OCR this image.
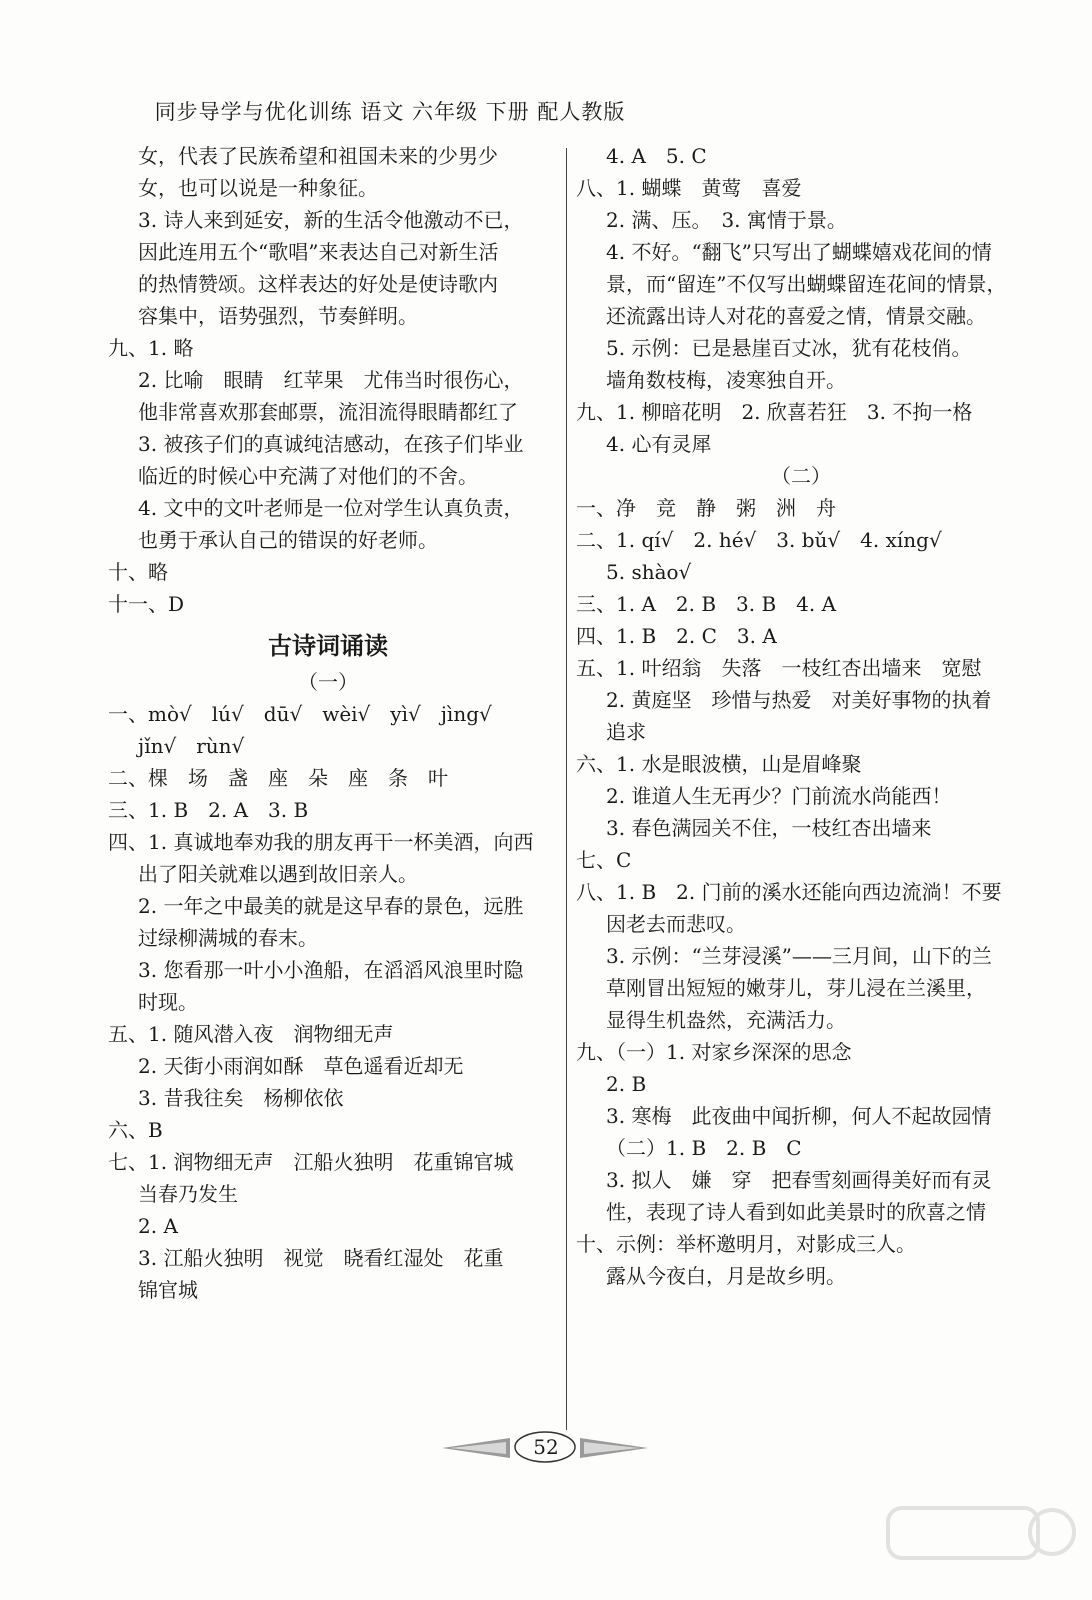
同步导学与优化训练 语文 六年级 下册 配人教版
女，代表了民族希望和祖国未来的少男少
女，也可以说是一种象征。
3. 诗人来到延安，新的生活令他激动不已，
因此连用五个“歌唱”来表达自己对新生活
的热情赞颂。这样表达的好处是使诗歌内
容集中，语势强烈，节奏鲜明。
九、1. 略
2. 比喻　眼睛　红苹果　尤伟当时很伤心，
他非常喜欢那套邮票，流泪流得眼睛都红了
3. 被孩子们的真诚纯洁感动，在孩子们毕业
临近的时候心中充满了对他们的不舍。
4. 文中的文叶老师是一位对学生认真负责，
也勇于承认自己的错误的好老师。
十、略
十一、D
古诗词诵读
（一）
一、mò√　lú√　dū√　wèi√　yì√　jìng√
jǐn√　rùn√
二、棵　场　盏　座　朵　座　条　叶
三、1. B　2. A　3. B
四、1. 真诚地奉劝我的朋友再干一杯美酒，向西
出了阳关就难以遇到故旧亲人。
2. 一年之中最美的就是这早春的景色，远胜
过绿柳满城的春末。
3. 您看那一叶小小渔船，在滔滔风浪里时隐
时现。
五、1. 随风潜入夜　润物细无声
2. 天街小雨润如酥　草色遥看近却无
3. 昔我往矣　杨柳依依
六、B
七、1. 润物细无声　江船火独明　花重锦官城
当春乃发生
2. A
3. 江船火独明　视觉　晓看红湿处　花重
锦官城
4. A　5. C
八、1. 蝴蝶　黄莺　喜爱
2. 满、压。　3. 寓情于景。
4. 不好。“翻飞”只写出了蝴蝶嬉戏花间的情
景，而“留连”不仅写出蝴蝶留连花间的情景，
还流露出诗人对花的喜爱之情，情景交融。
5. 示例：已是悬崖百丈冰，犹有花枝俏。
墙角数枝梅，凌寒独自开。
九、1. 柳暗花明　2. 欣喜若狂　3. 不拘一格
4. 心有灵犀
（二）
一、净　竞　静　粥　洲　舟
二、1. qí√　2. hé√　3. bǔ√　4. xíng√
5. shào√
三、1. A　2. B　3. B　4. A
四、1. B　2. C　3. A
五、1. 叶绍翁　失落　一枝红杏出墙来　宽慰
2. 黄庭坚　珍惜与热爱　对美好事物的执着
追求
六、1. 水是眼波横，山是眉峰聚
2. 谁道人生无再少？门前流水尚能西！
3. 春色满园关不住，一枝红杏出墙来
七、C
八、1. B　2. 门前的溪水还能向西边流淌！不要
因老去而悲叹。
3. 示例：“兰芽浸溪”——三月间，山下的兰
草刚冒出短短的嫩芽儿，芽儿浸在兰溪里，
显得生机盎然，充满活力。
九、（一）1. 对家乡深深的思念
2. B
3. 寒梅　此夜曲中闻折柳，何人不起故园情
（二）1. B　2. B　C
3. 拟人　嫌　穿　把春雪刻画得美好而有灵
性，表现了诗人看到如此美景时的欣喜之情
十、示例：举杯邀明月，对影成三人。
露从今夜白，月是故乡明。
52
